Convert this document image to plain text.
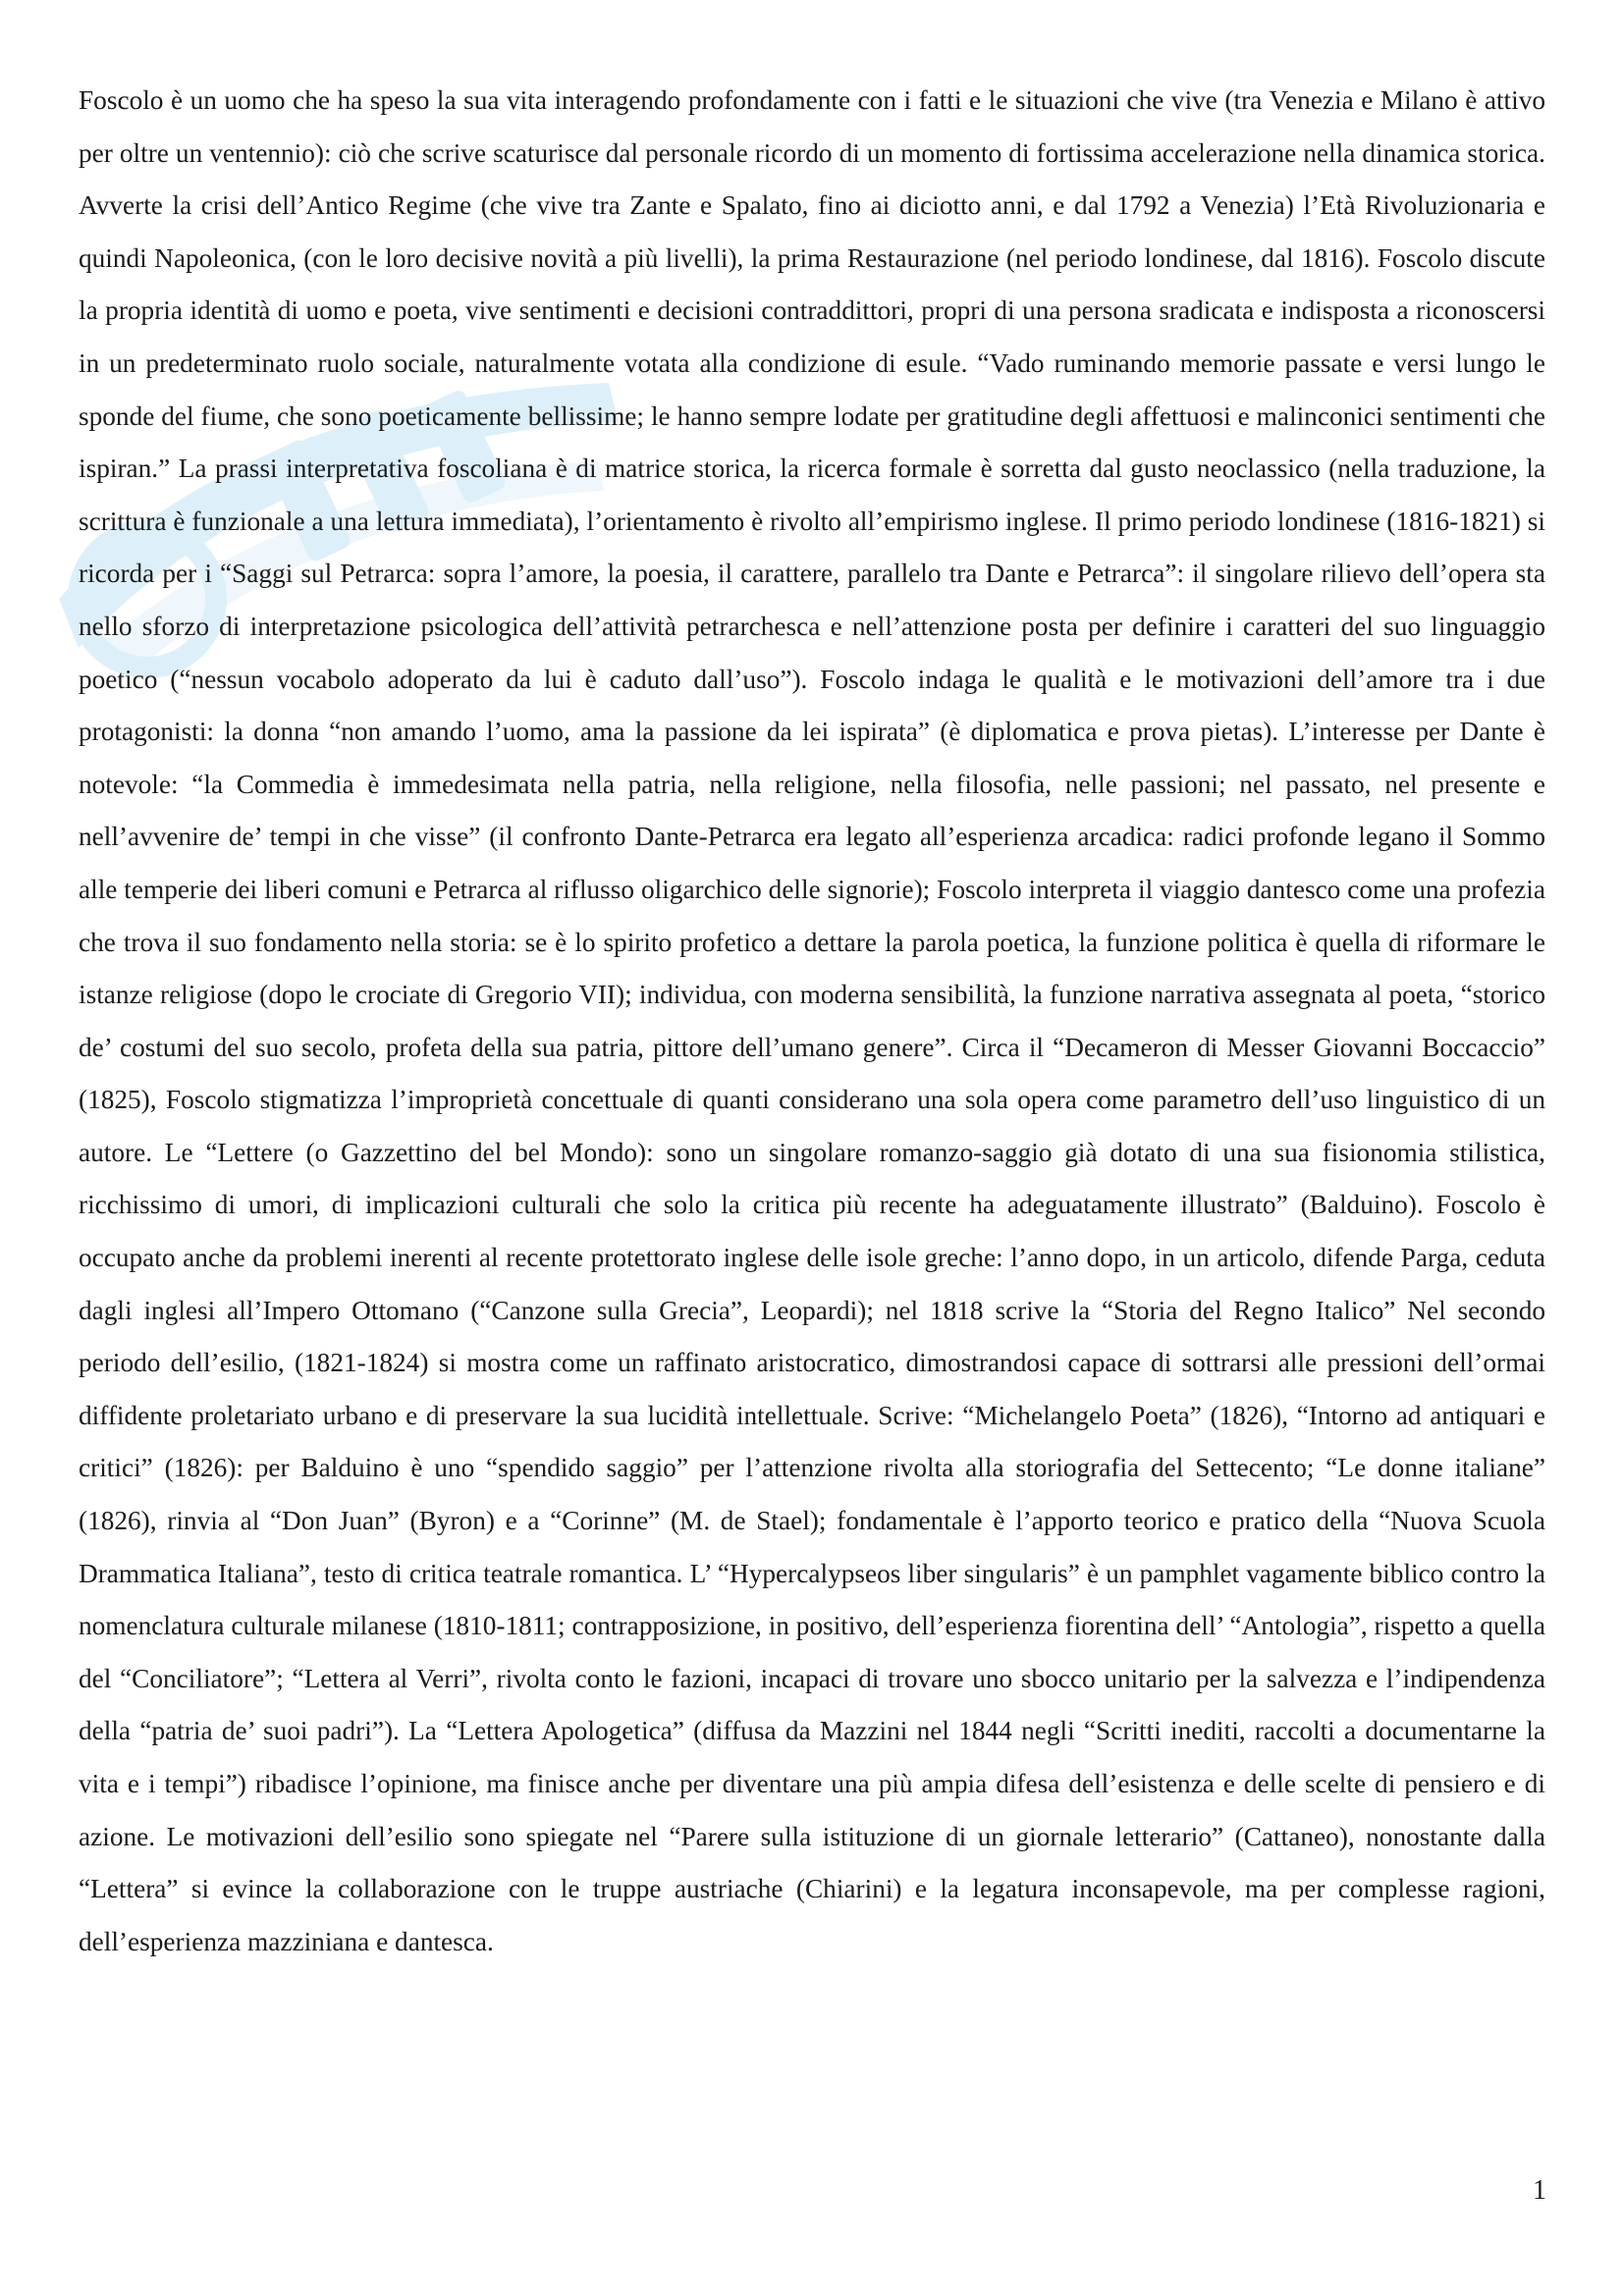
Foscolo è un uomo che ha speso la sua vita interagendo profondamente con i fatti e le situazioni che vive (tra Venezia e Milano è attivo per oltre un ventennio): ciò che scrive scaturisce dal personale ricordo di un momento di fortissima accelerazione nella dinamica storica. Avverte la crisi dell’Antico Regime (che vive tra Zante e Spalato, fino ai diciotto anni, e dal 1792 a Venezia) l’Età Rivoluzionaria e quindi Napoleonica, (con le loro decisive novità a più livelli), la prima Restaurazione (nel periodo londinese, dal 1816). Foscolo discute la propria identità di uomo e poeta, vive sentimenti e decisioni contraddittori, propri di una persona sradicata e indisposta a riconoscersi in un predeterminato ruolo sociale, naturalmente votata alla condizione di esule. “Vado ruminando memorie passate e versi lungo le sponde del fiume, che sono poeticamente bellissime; le hanno sempre lodate per gratitudine degli affettuosi e malinconici sentimenti che ispiran.” La prassi interpretativa foscoliana è di matrice storica, la ricerca formale è sorretta dal gusto neoclassico (nella traduzione, la scrittura è funzionale a una lettura immediata), l’orientamento è rivolto all’empirismo inglese. Il primo periodo londinese (1816-1821) si ricorda per i “Saggi sul Petrarca: sopra l’amore, la poesia, il carattere, parallelo tra Dante e Petrarca”: il singolare rilievo dell’opera sta nello sforzo di interpretazione psicologica dell’attività petrarchesca e nell’attenzione posta per definire i caratteri del suo linguaggio poetico (“nessun vocabolo adoperato da lui è caduto dall’uso”). Foscolo indaga le qualità e le motivazioni dell’amore tra i due protagonisti: la donna “non amando l’uomo, ama la passione da lei ispirata” (è diplomatica e prova pietas). L’interesse per Dante è notevole: “la Commedia è immedesimata nella patria, nella religione, nella filosofia, nelle passioni; nel passato, nel presente e nell’avvenire de’ tempi in che visse” (il confronto Dante-Petrarca era legato all’esperienza arcadica: radici profonde legano il Sommo alle temperie dei liberi comuni e Petrarca al riflusso oligarchico delle signorie); Foscolo interpreta il viaggio dantesco come una profezia che trova il suo fondamento nella storia: se è lo spirito profetico a dettare la parola poetica, la funzione politica è quella di riformare le istanze religiose (dopo le crociate di Gregorio VII); individua, con moderna sensibilità, la funzione narrativa assegnata al poeta, “storico de’ costumi del suo secolo, profeta della sua patria, pittore dell’umano genere”. Circa il “Decameron di Messer Giovanni Boccaccio” (1825), Foscolo stigmatizza l’improprietà concettuale di quanti considerano una sola opera come parametro dell’uso linguistico di un autore. Le “Lettere (o Gazzettino del bel Mondo): sono un singolare romanzo-saggio già dotato di una sua fisionomia stilistica, ricchissimo di umori, di implicazioni culturali che solo la critica più recente ha adeguatamente illustrato” (Balduino). Foscolo è occupato anche da problemi inerenti al recente protettorato inglese delle isole greche: l’anno dopo, in un articolo, difende Parga, ceduta dagli inglesi all’Impero Ottomano (“Canzone sulla Grecia”, Leopardi); nel 1818 scrive la “Storia del Regno Italico” Nel secondo periodo dell’esilio, (1821-1824) si mostra come un raffinato aristocratico, dimostrandosi capace di sottrarsi alle pressioni dell’ormai diffidente proletariato urbano e di preservare la sua lucidità intellettuale. Scrive: “Michelangelo Poeta” (1826), “Intorno ad antiquari e critici” (1826): per Balduino è uno “spendido saggio” per l’attenzione rivolta alla storiografia del Settecento; “Le donne italiane” (1826), rinvia al “Don Juan” (Byron) e a “Corinne” (M. de Stael); fondamentale è l’apporto teorico e pratico della “Nuova Scuola Drammatica Italiana”, testo di critica teatrale romantica. L’ “Hypercalypseos liber singularis” è un pamphlet vagamente biblico contro la nomenclatura culturale milanese (1810-1811; contrapposizione, in positivo, dell’esperienza fiorentina dell’ “Antologia”, rispetto a quella del “Conciliatore”; “Lettera al Verri”, rivolta conto le fazioni, incapaci di trovare uno sbocco unitario per la salvezza e l’indipendenza della “patria de’ suoi padri”). La “Lettera Apologetica” (diffusa da Mazzini nel 1844 negli “Scritti inediti, raccolti a documentarne la vita e i tempi”) ribadisce l’opinione, ma finisce anche per diventare una più ampia difesa dell’esistenza e delle scelte di pensiero e di azione. Le motivazioni dell’esilio sono spiegate nel “Parere sulla istituzione di un giornale letterario” (Cattaneo), nonostante dalla “Lettera” si evince la collaborazione con le truppe austriache (Chiarini) e la legatura inconsapevole, ma per complesse ragioni, dell’esperienza mazziniana e dantesca.

1
